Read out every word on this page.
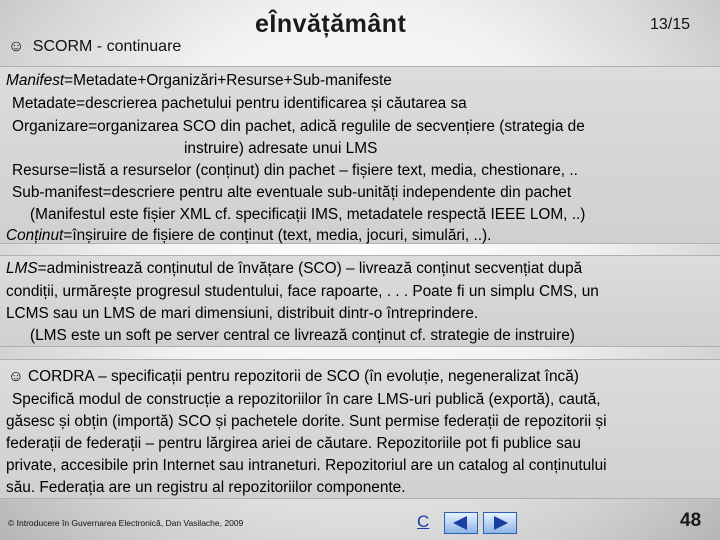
☺ SCORM - continuare
eÎnvățământ	13/15
Manifest=Metadate+Organizări+Resurse+Sub-manifeste
Metadate=descrierea pachetului pentru identificarea și căutarea sa
Organizare=organizarea SCO din pachet, adică regulile de secvențiere (strategia de
instruire) adresate unui LMS
Resurse=listă a resurselor (conținut) din pachet – fișiere text, media, chestionare, ..
Sub-manifest=descriere pentru alte eventuale sub-unități independente din pachet
(Manifestul este fișier XML cf. specificații IMS, metadatele respectă IEEE LOM, ..)
Conținut=înșiruire de fișiere de conținut (text, media, jocuri, simulări, ..).
LMS=administrează conținutul de învățare (SCO) – livrează conținut secvențiat după
condiții, urmărește progresul studentului, face rapoarte, . . . Poate fi un simplu CMS, un
LCMS sau un LMS de mari dimensiuni, distribuit dintr-o întreprindere.
(LMS este un soft pe server central ce livrează conținut cf. strategie de instruire)
☺ CORDRA – specificații pentru repozitorii de SCO (în evoluție, negeneralizat încă)
Specifică modul de construcție a repozitoriilor în care LMS-uri publică (exportă), caută,
găsesc și obțin (importă) SCO și pachetele dorite. Sunt permise federații de repozitorii și
federații de federații – pentru lărgirea ariei de căutare. Repozitoriile pot fi publice sau
private, accesibile prin Internet sau intraneturi. Repozitoriul are un catalog al conținutului
său. Federația are un registru al repozitoriilor componente.
© Introducere în Guvernarea Electronică, Dan Vasilache, 2009	C	48
